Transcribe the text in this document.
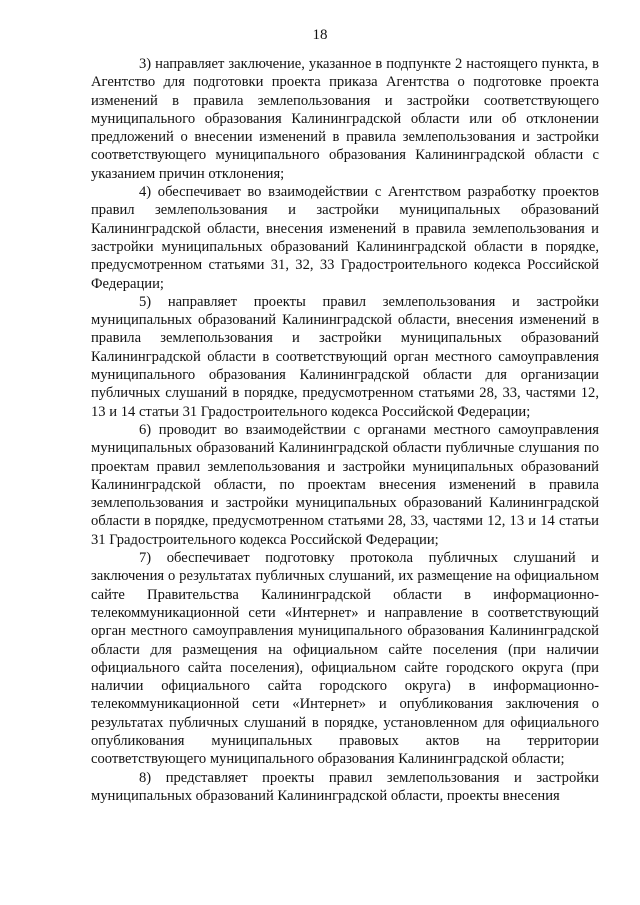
18

3) направляет заключение, указанное в подпункте 2 настоящего пункта, в Агентство для подготовки проекта приказа Агентства о подготовке проекта изменений в правила землепользования и застройки соответствующего муниципального образования Калининградской области или об отклонении предложений о внесении изменений в правила землепользования и застройки соответствующего муниципального образования Калининградской области с указанием причин отклонения;

4) обеспечивает во взаимодействии с Агентством разработку проектов правил землепользования и застройки муниципальных образований Калининградской области, внесения изменений в правила землепользования и застройки муниципальных образований Калининградской области в порядке, предусмотренном статьями 31, 32, 33 Градостроительного кодекса Российской Федерации;

5) направляет проекты правил землепользования и застройки муниципальных образований Калининградской области, внесения изменений в правила землепользования и застройки муниципальных образований Калининградской области в соответствующий орган местного самоуправления муниципального образования Калининградской области для организации публичных слушаний в порядке, предусмотренном статьями 28, 33, частями 12, 13 и 14 статьи 31 Градостроительного кодекса Российской Федерации;

6) проводит во взаимодействии с органами местного самоуправления муниципальных образований Калининградской области публичные слушания по проектам правил землепользования и застройки муниципальных образований Калининградской области, по проектам внесения изменений в правила землепользования и застройки муниципальных образований Калининградской области в порядке, предусмотренном статьями 28, 33, частями 12, 13 и 14 статьи 31 Градостроительного кодекса Российской Федерации;

7) обеспечивает подготовку протокола публичных слушаний и заключения о результатах публичных слушаний, их размещение на официальном сайте Правительства Калининградской области в информационно-телекоммуникационной сети «Интернет» и направление в соответствующий орган местного самоуправления муниципального образования Калининградской области для размещения на официальном сайте поселения (при наличии официального сайта поселения), официальном сайте городского округа (при наличии официального сайта городского округа) в информационно-телекоммуникационной сети «Интернет» и опубликования заключения о результатах публичных слушаний в порядке, установленном для официального опубликования муниципальных правовых актов на территории соответствующего муниципального образования Калининградской области;

8) представляет проекты правил землепользования и застройки муниципальных образований Калининградской области, проекты внесения
